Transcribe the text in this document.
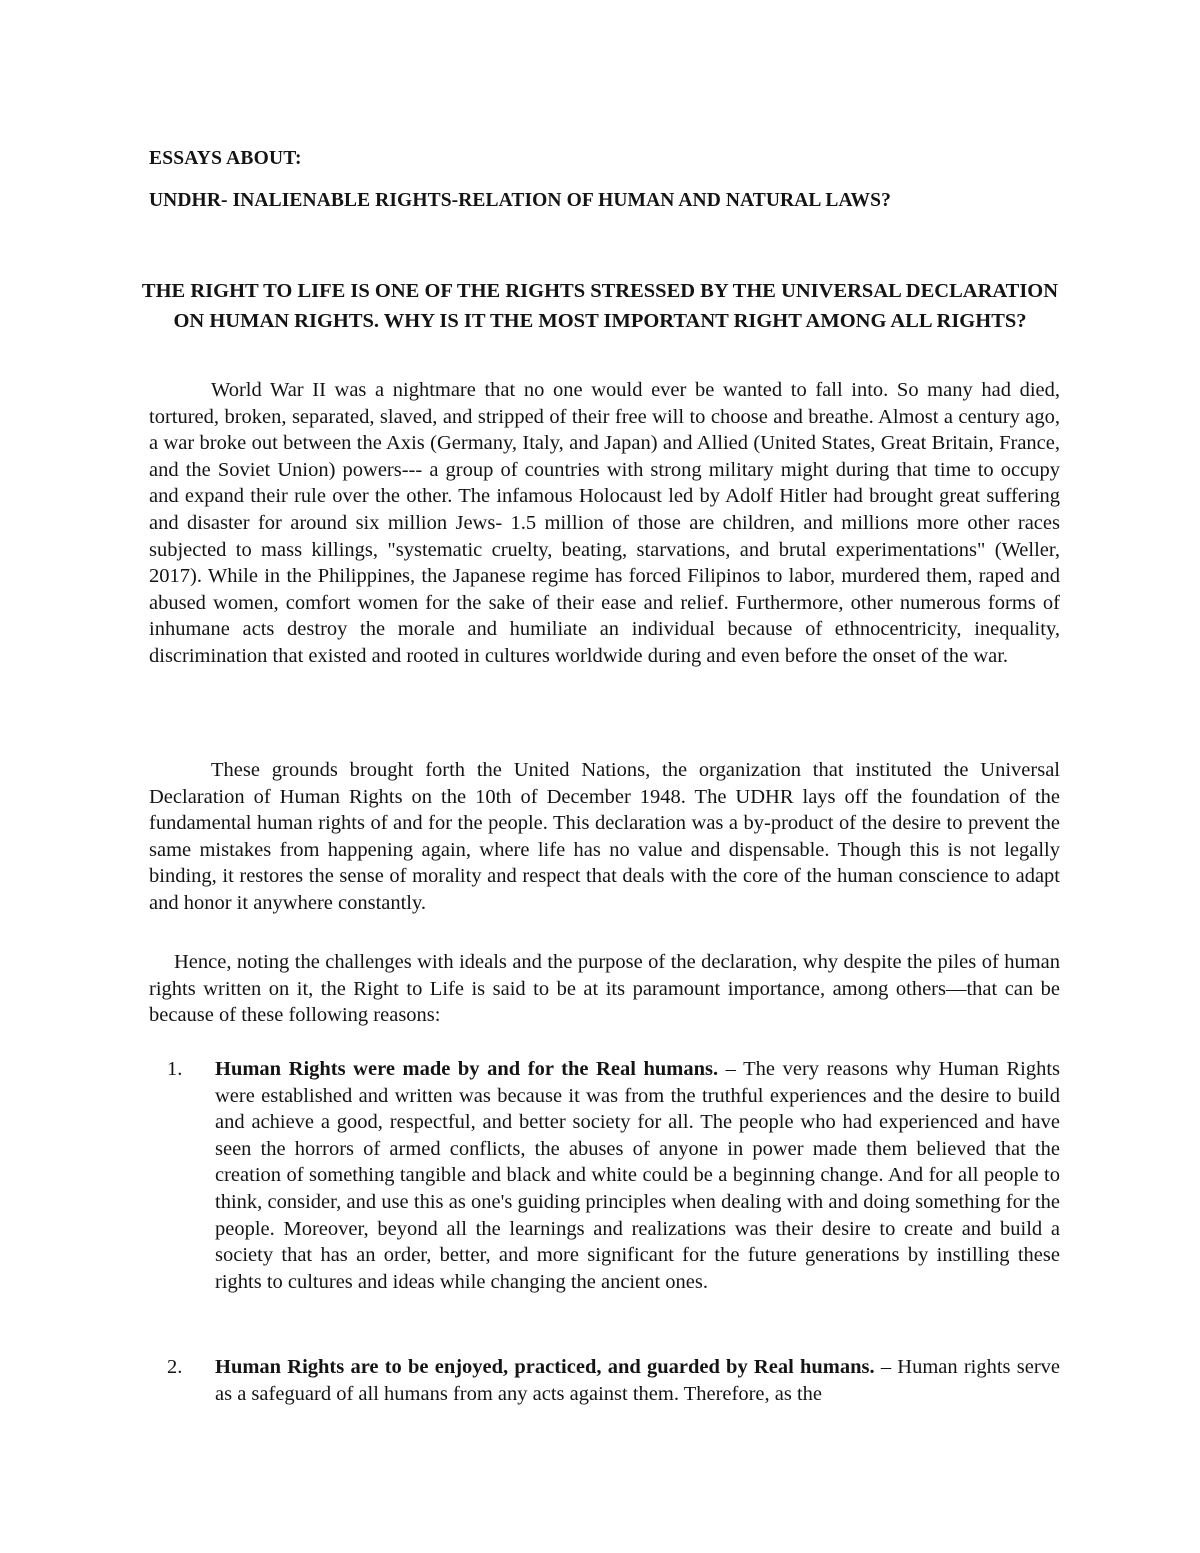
ESSAYS ABOUT:

UNDHR- INALIENABLE RIGHTS-RELATION OF HUMAN AND NATURAL LAWS?

THE RIGHT TO LIFE IS ONE OF THE RIGHTS STRESSED BY THE UNIVERSAL DECLARATION ON HUMAN RIGHTS. WHY IS IT THE MOST IMPORTANT RIGHT AMONG ALL RIGHTS?

World War II was a nightmare that no one would ever be wanted to fall into. So many had died, tortured, broken, separated, slaved, and stripped of their free will to choose and breathe. Almost a century ago, a war broke out between the Axis (Germany, Italy, and Japan) and Allied (United States, Great Britain, France, and the Soviet Union) powers--- a group of countries with strong military might during that time to occupy and expand their rule over the other. The infamous Holocaust led by Adolf Hitler had brought great suffering and disaster for around six million Jews- 1.5 million of those are children, and millions more other races subjected to mass killings, "systematic cruelty, beating, starvations, and brutal experimentations" (Weller, 2017). While in the Philippines, the Japanese regime has forced Filipinos to labor, murdered them, raped and abused women, comfort women for the sake of their ease and relief. Furthermore, other numerous forms of inhumane acts destroy the morale and humiliate an individual because of ethnocentricity, inequality, discrimination that existed and rooted in cultures worldwide during and even before the onset of the war.

These grounds brought forth the United Nations, the organization that instituted the Universal Declaration of Human Rights on the 10th of December 1948. The UDHR lays off the foundation of the fundamental human rights of and for the people. This declaration was a by-product of the desire to prevent the same mistakes from happening again, where life has no value and dispensable. Though this is not legally binding, it restores the sense of morality and respect that deals with the core of the human conscience to adapt and honor it anywhere constantly.

Hence, noting the challenges with ideals and the purpose of the declaration, why despite the piles of human rights written on it, the Right to Life is said to be at its paramount importance, among others—that can be because of these following reasons:

1. Human Rights were made by and for the Real humans. – The very reasons why Human Rights were established and written was because it was from the truthful experiences and the desire to build and achieve a good, respectful, and better society for all. The people who had experienced and have seen the horrors of armed conflicts, the abuses of anyone in power made them believed that the creation of something tangible and black and white could be a beginning change. And for all people to think, consider, and use this as one's guiding principles when dealing with and doing something for the people. Moreover, beyond all the learnings and realizations was their desire to create and build a society that has an order, better, and more significant for the future generations by instilling these rights to cultures and ideas while changing the ancient ones.
2. Human Rights are to be enjoyed, practiced, and guarded by Real humans. – Human rights serve as a safeguard of all humans from any acts against them. Therefore, as the
